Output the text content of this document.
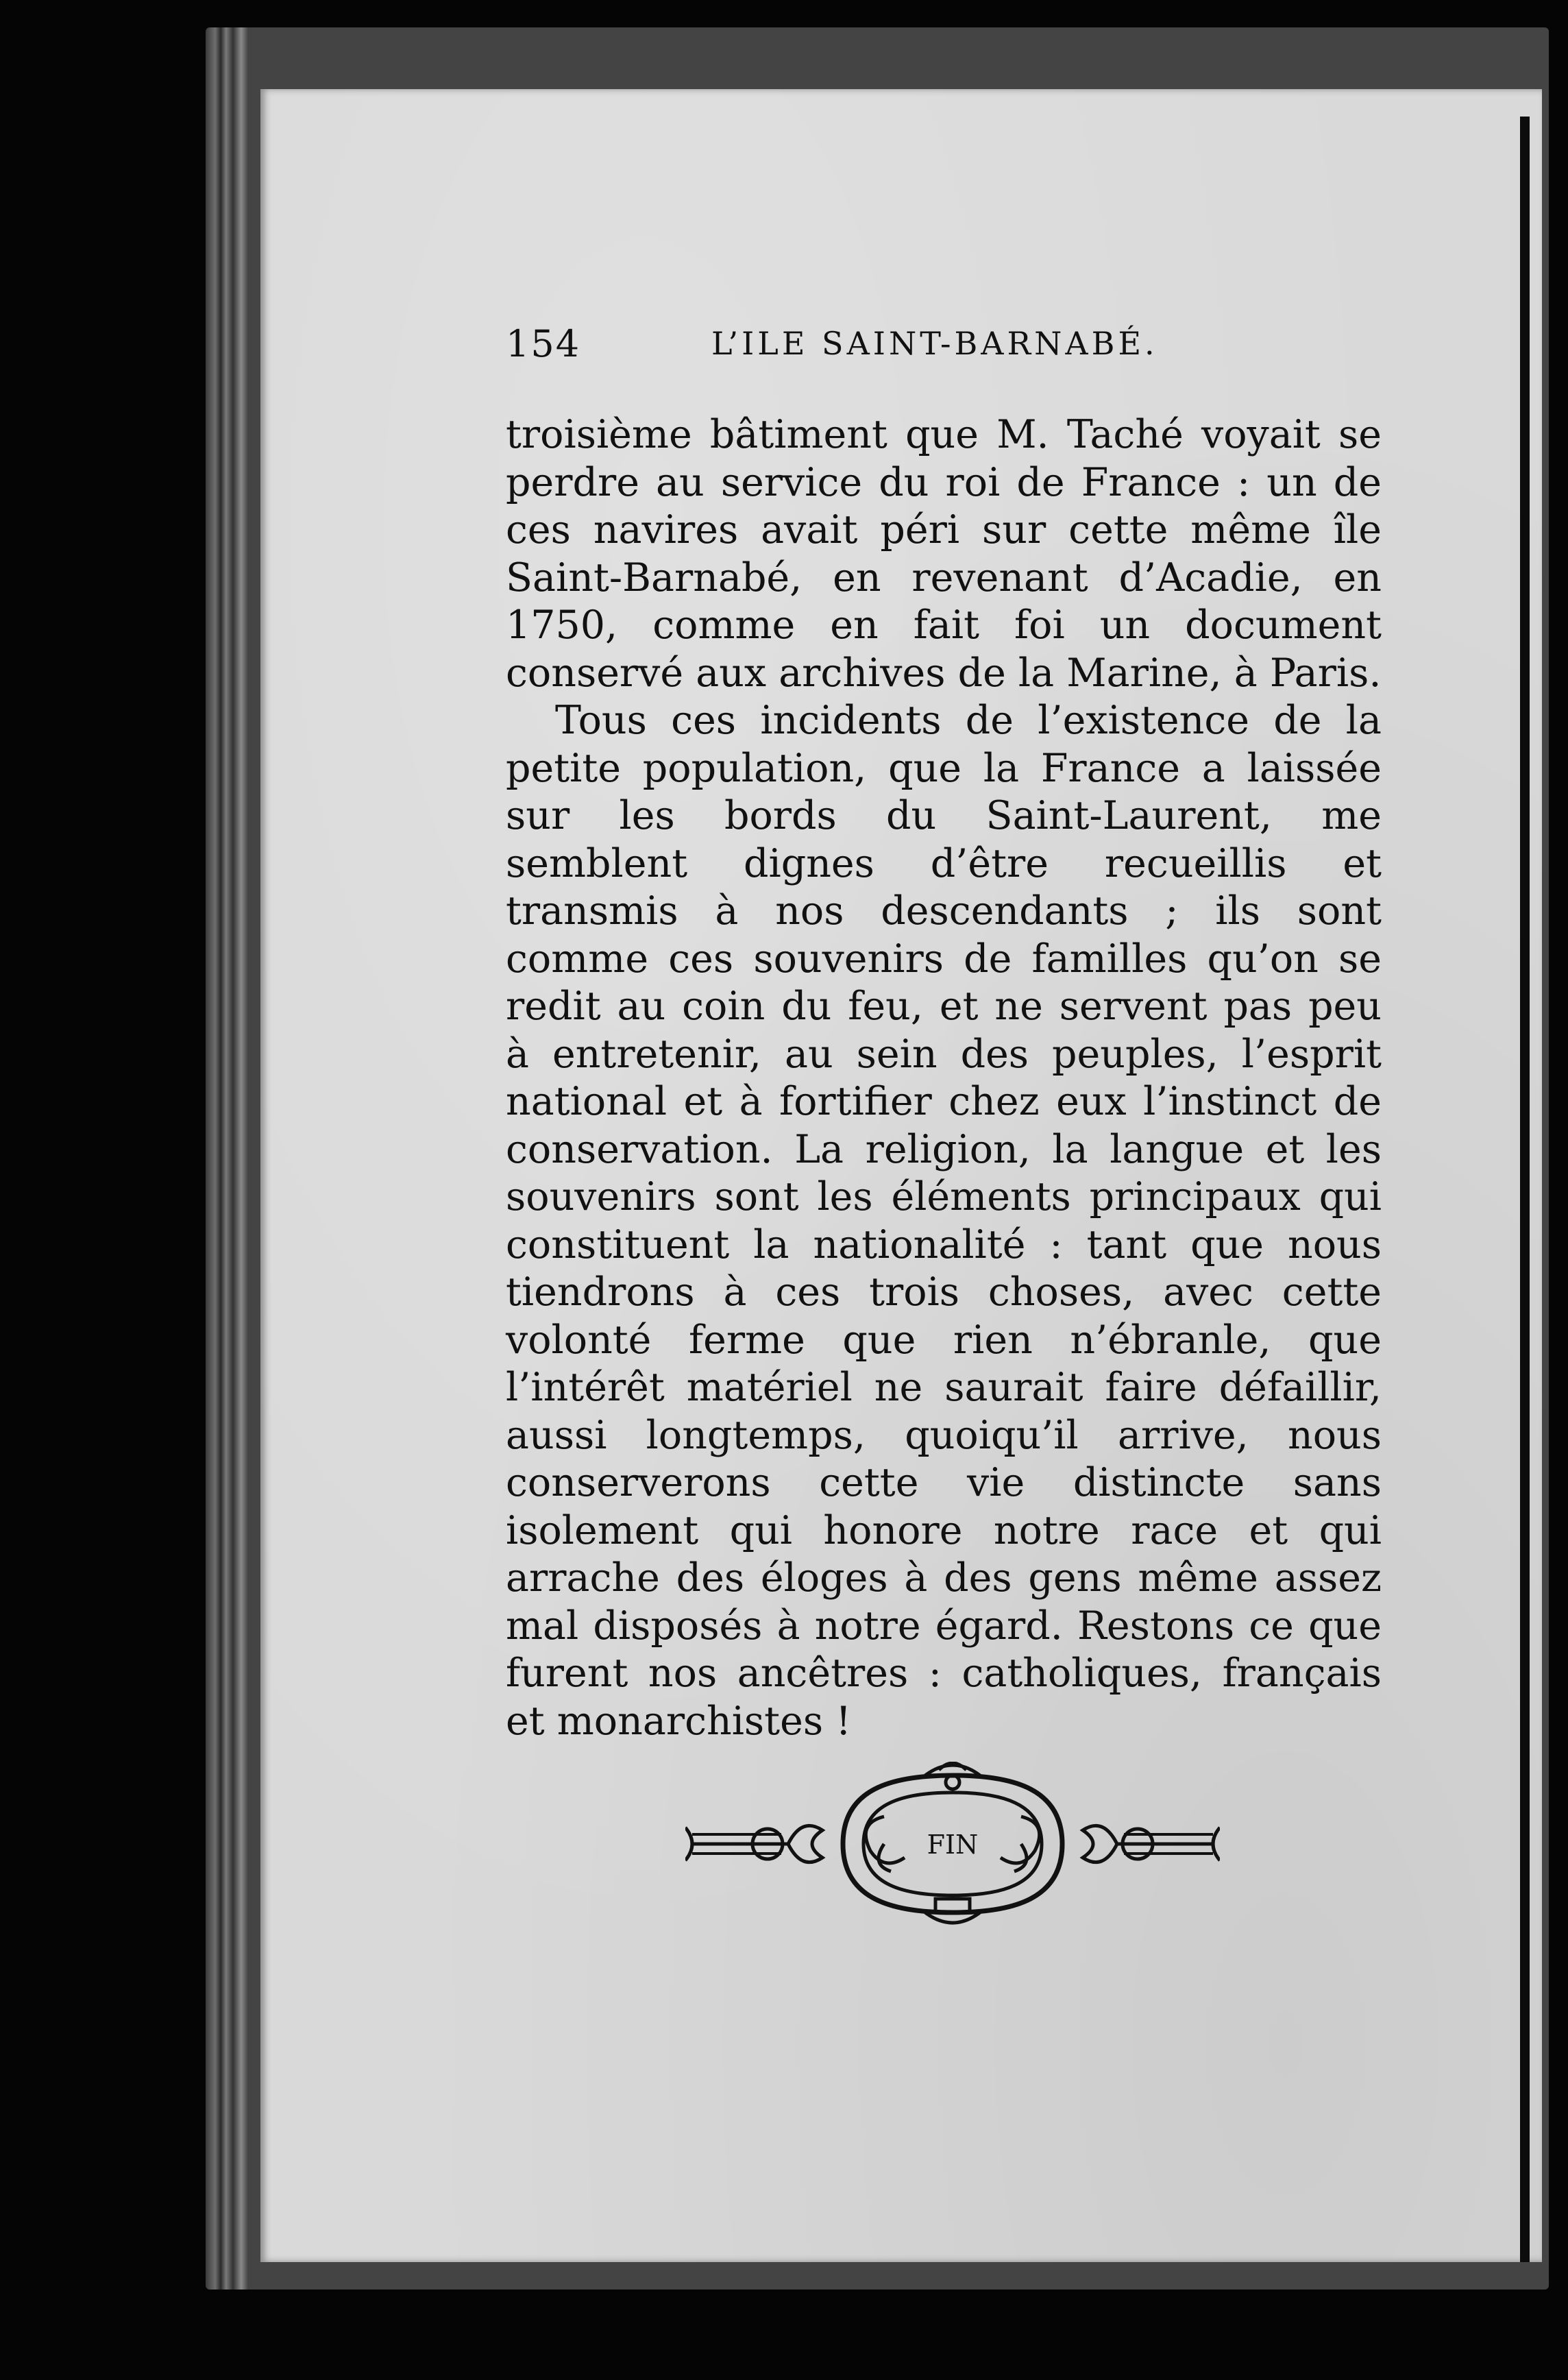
154	L’ILE SAINT-BARNABÉ.

troisième bâtiment que M. Taché voyait se perdre au service du roi de France : un de ces navires avait péri sur cette même île Saint-Barnabé, en revenant d’Acadie, en 1750, comme en fait foi un document conservé aux archives de la Marine, à Paris.

Tous ces incidents de l’existence de la petite population, que la France a laissée sur les bords du Saint-Laurent, me semblent dignes d’être recueillis et transmis à nos descendants ; ils sont comme ces souvenirs de familles qu’on se redit au coin du feu, et ne servent pas peu à entretenir, au sein des peuples, l’esprit national et à fortifier chez eux l’instinct de conservation. La religion, la langue et les souvenirs sont les éléments principaux qui constituent la nationalité : tant que nous tiendrons à ces trois choses, avec cette volonté ferme que rien n’ébranle, que l’intérêt matériel ne saurait faire défaillir, aussi longtemps, quoiqu’il arrive, nous conserverons cette vie distincte sans isolement qui honore notre race et qui arrache des éloges à des gens même assez mal disposés à notre égard. Restons ce que furent nos ancêtres : catholiques, français et monarchistes !

FIN
